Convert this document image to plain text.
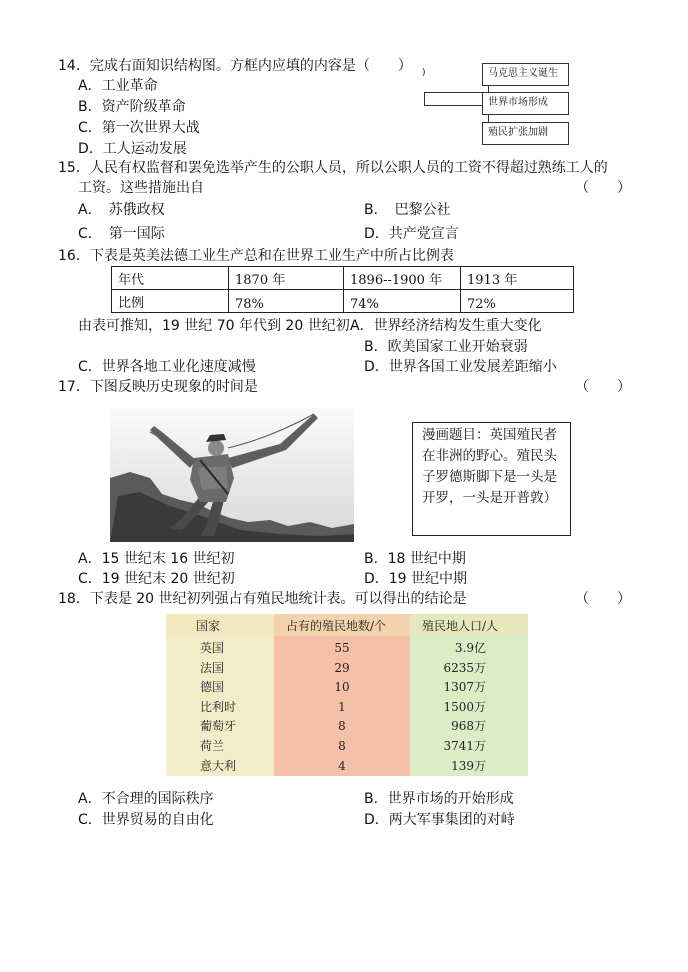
14．完成右面知识结构图。方框内应填的内容是（　　）
A．工业革命
B．资产阶级革命
C．第一次世界大战
D．工人运动发展
)	马克思主义诞生
世界市场形成
殖民扩张加剧
15．人民有权监督和罢免选举产生的公职人员，所以公职人员的工资不得超过熟练工人的
工资。这些措施出自	（　　）
A．　苏俄政权	B．　巴黎公社
C．　第一国际	D．共产党宣言
16．下表是英美法德工业生产总和在世界工业生产中所占比例表
年代	1870 年	1896--1900 年	1913 年
比例	78%	74%	72%
由表可推知，19 世纪 70 年代到 20 世纪初 A．世界经济结构发生重大变化
B．欧美国家工业开始衰弱
C．世界各地工业化速度减慢	D．世界各国工业发展差距缩小
17．下图反映历史现象的时间是	（　　）
漫画题目：英国殖民者在非洲的野心。殖民头子罗德斯脚下是一头是开罗，一头是开普敦）
A．15 世纪末 16 世纪初	B．18 世纪中期
C．19 世纪末 20 世纪初	D．19 世纪中期
18．下表是 20 世纪初列强占有殖民地统计表。可以得出的结论是	（　　）
国家	占有的殖民地数/个	殖民地人口/人
英国	55	3.9亿
法国	29	6235万
德国	10	1307万
比利时	1	1500万
葡萄牙	8	968万
荷兰	8	3741万
意大利	4	139万
A．不合理的国际秩序	B．世界市场的开始形成
C．世界贸易的自由化	D．两大军事集团的对峙
